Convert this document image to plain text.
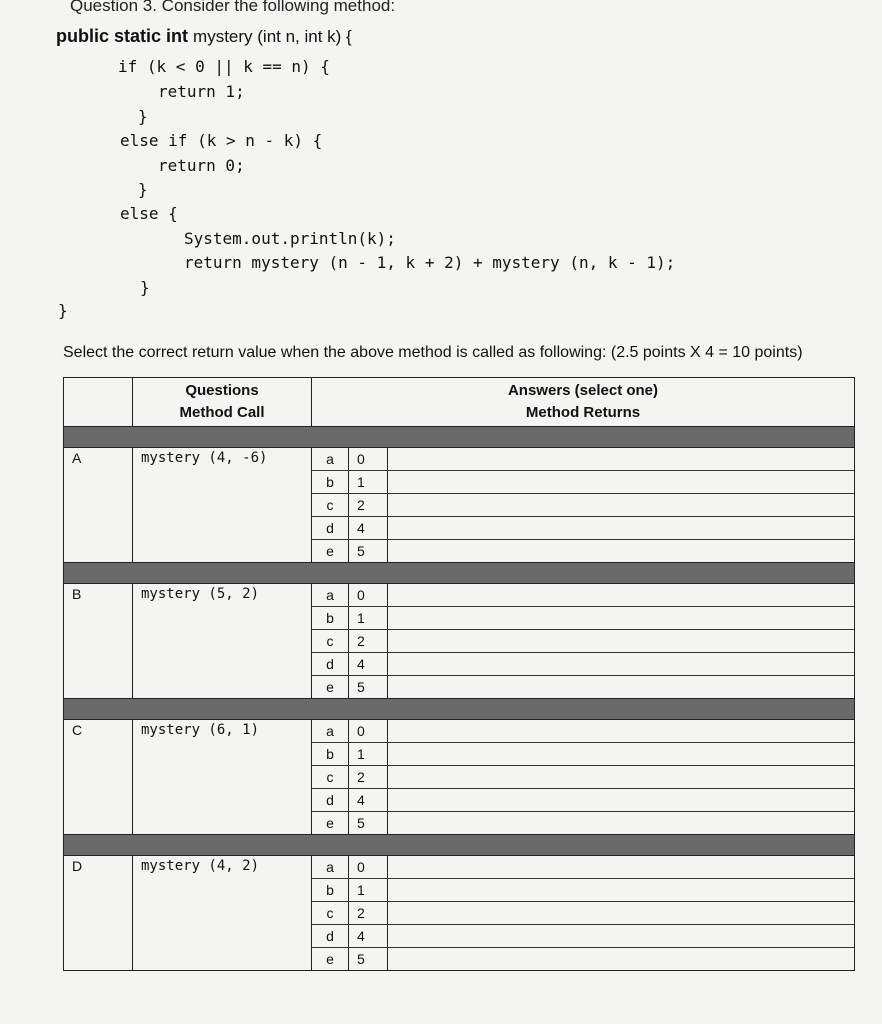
Question 3. Consider the following method:

public static int mystery (int n, int k) {

if (k < 0 || k == n) {

return 1;

}

else if (k > n - k) {

return 0;

}

else {

System.out.println(k);

return mystery (n - 1, k + 2) + mystery (n, k - 1);

}

}

Select the correct return value when the above method is called as following: (2.5 points X 4 = 10 points)

Questions
Method Call

Answers (select one)
Method Returns

A	mystery (4, -6)		a	0	
b	1	
c	2	
d	4	
e	5	

B	mystery (5, 2)		a	0	
b	1	
c	2	
d	4	
e	5	

C	mystery (6, 1)		a	0	
b	1	
c	2	
d	4	
e	5	

D	mystery (4, 2)		a	0	
b	1	
c	2	
d	4	
e	5	
